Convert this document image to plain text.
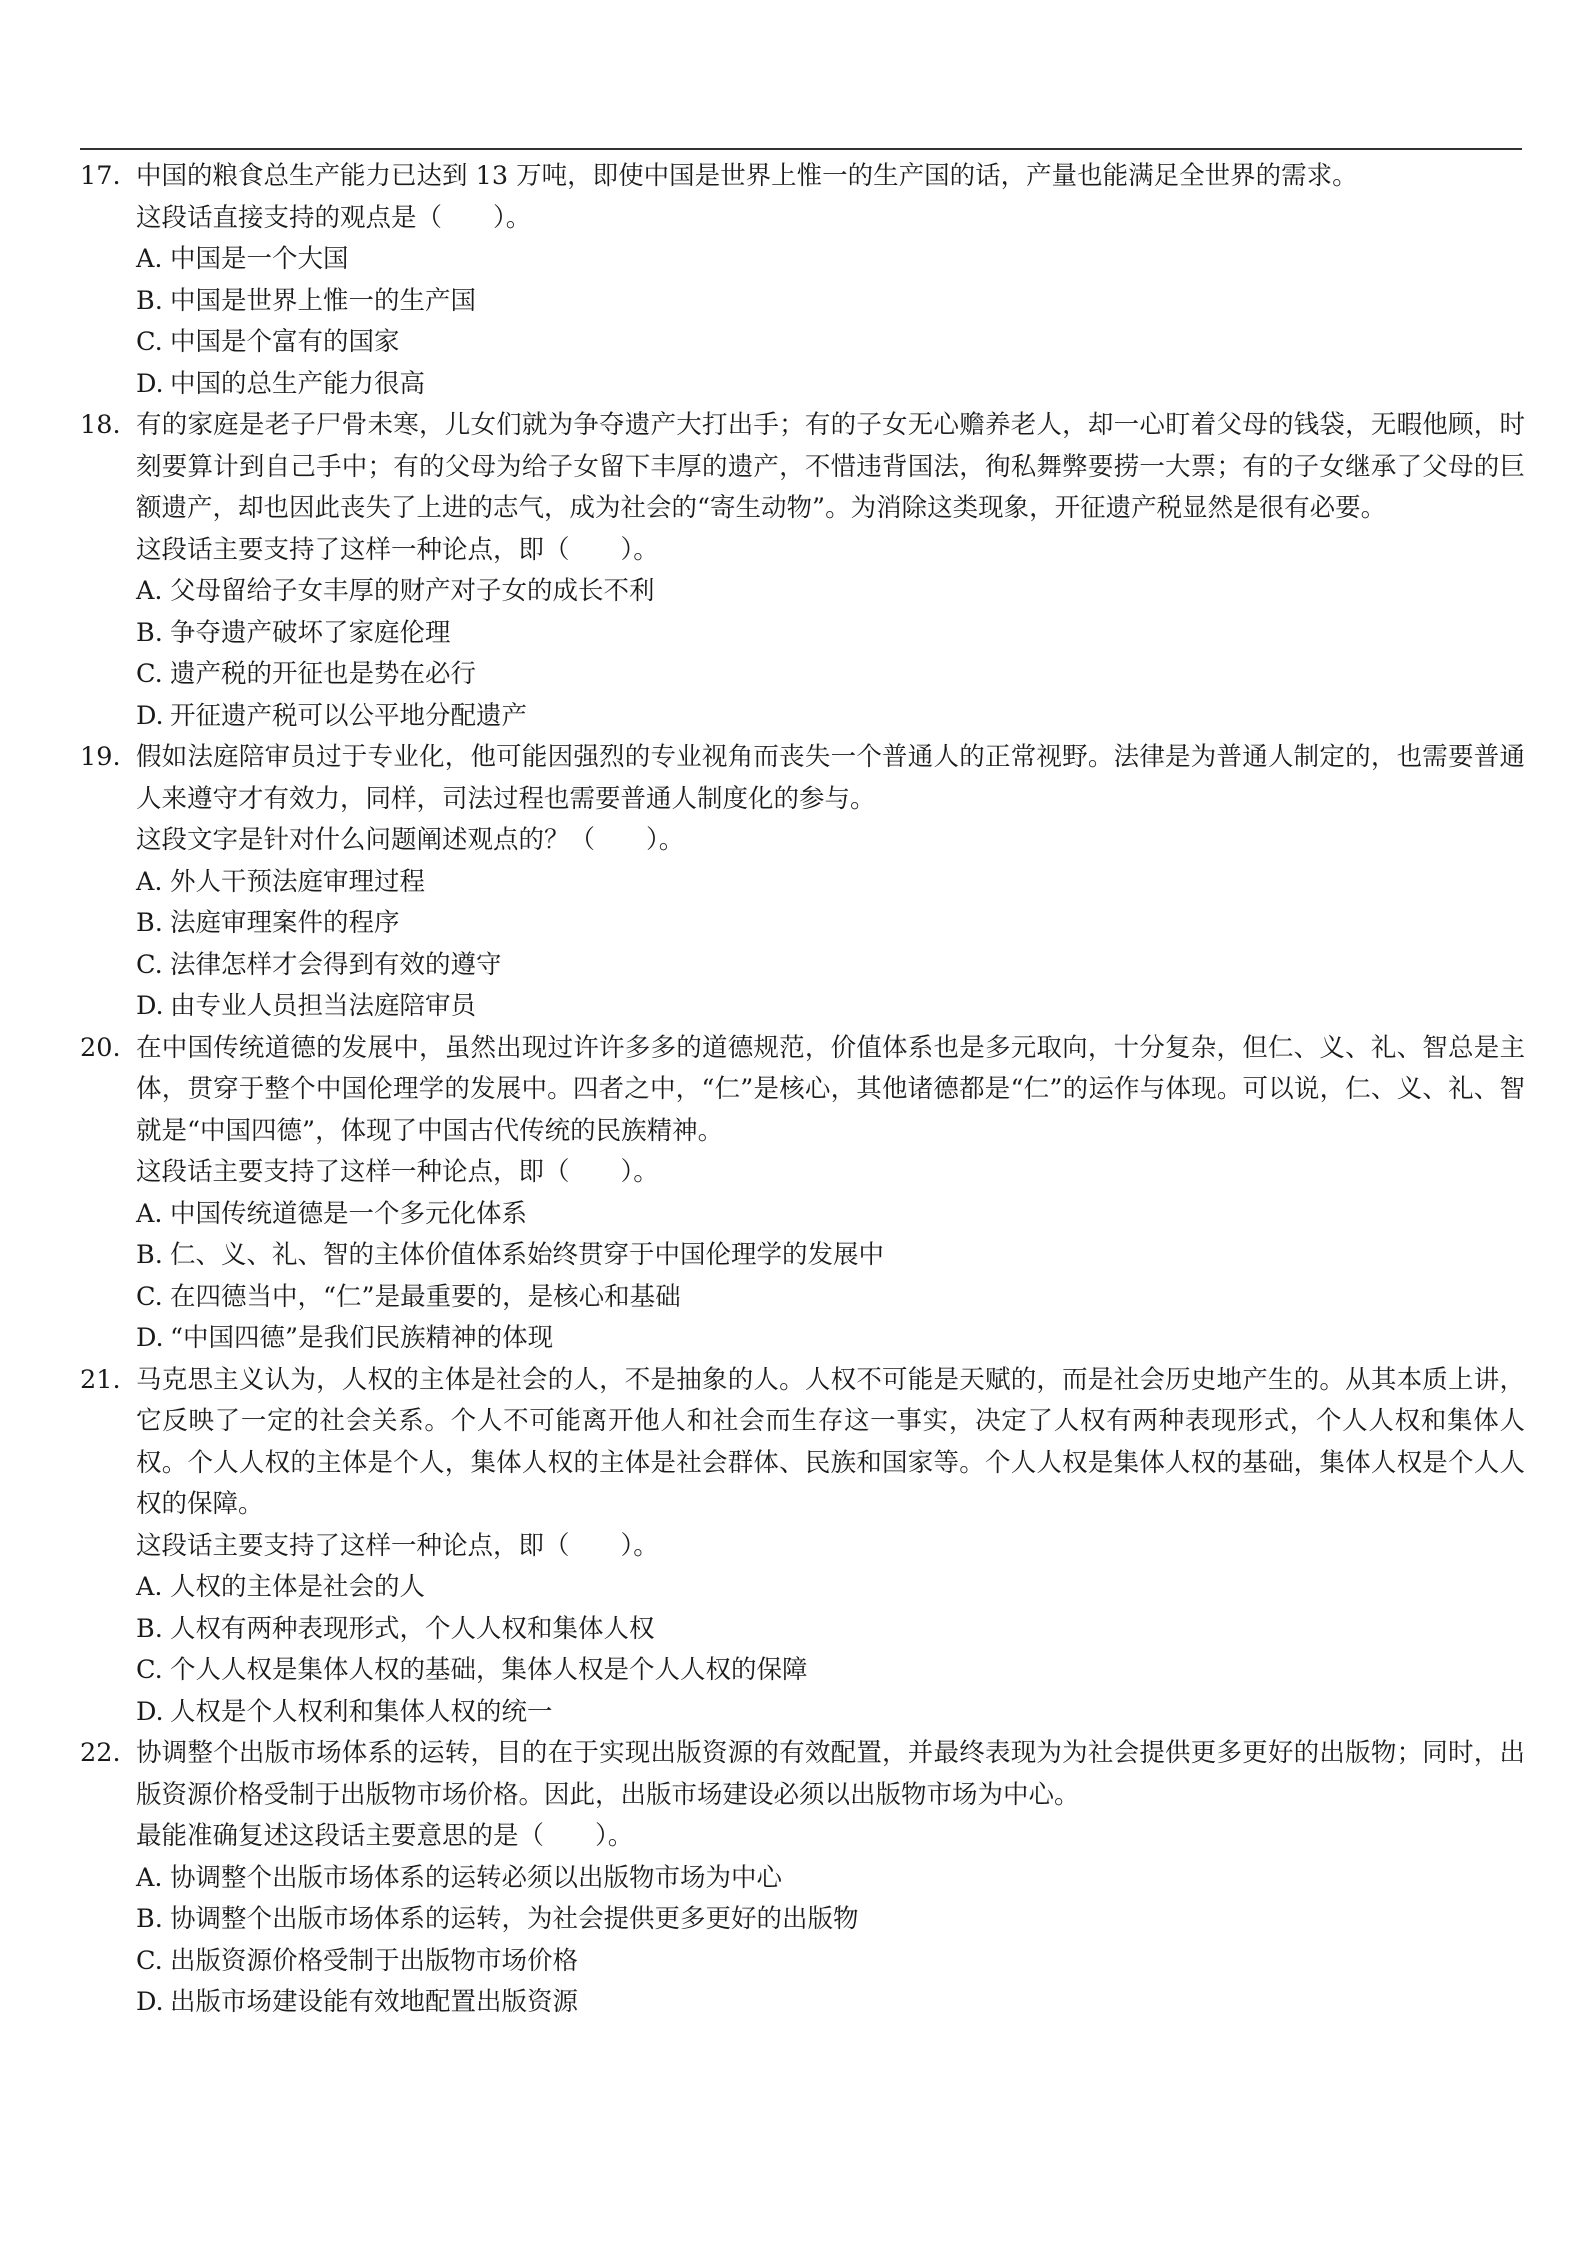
17. 中国的粮食总生产能力已达到 13 万吨，即使中国是世界上惟一的生产国的话，产量也能满足全世界的需求。
这段话直接支持的观点是（　　）。
A. 中国是一个大国
B. 中国是世界上惟一的生产国
C. 中国是个富有的国家
D. 中国的总生产能力很高
18. 有的家庭是老子尸骨未寒，儿女们就为争夺遗产大打出手；有的子女无心赡养老人，却一心盯着父母的钱袋，无暇他顾，时刻要算计到自己手中；有的父母为给子女留下丰厚的遗产，不惜违背国法，徇私舞弊要捞一大票；有的子女继承了父母的巨额遗产，却也因此丧失了上进的志气，成为社会的“寄生动物”。为消除这类现象，开征遗产税显然是很有必要。
这段话主要支持了这样一种论点，即（　　）。
A. 父母留给子女丰厚的财产对子女的成长不利
B. 争夺遗产破坏了家庭伦理
C. 遗产税的开征也是势在必行
D. 开征遗产税可以公平地分配遗产
19. 假如法庭陪审员过于专业化，他可能因强烈的专业视角而丧失一个普通人的正常视野。法律是为普通人制定的，也需要普通人来遵守才有效力，同样，司法过程也需要普通人制度化的参与。
这段文字是针对什么问题阐述观点的？（　　）。
A. 外人干预法庭审理过程
B. 法庭审理案件的程序
C. 法律怎样才会得到有效的遵守
D. 由专业人员担当法庭陪审员
20. 在中国传统道德的发展中，虽然出现过许许多多的道德规范，价值体系也是多元取向，十分复杂，但仁、义、礼、智总是主体，贯穿于整个中国伦理学的发展中。四者之中，“仁”是核心，其他诸德都是“仁”的运作与体现。可以说，仁、义、礼、智就是“中国四德”，体现了中国古代传统的民族精神。
这段话主要支持了这样一种论点，即（　　）。
A. 中国传统道德是一个多元化体系
B. 仁、义、礼、智的主体价值体系始终贯穿于中国伦理学的发展中
C. 在四德当中，“仁”是最重要的，是核心和基础
D. “中国四德”是我们民族精神的体现
21. 马克思主义认为，人权的主体是社会的人，不是抽象的人。人权不可能是天赋的，而是社会历史地产生的。从其本质上讲，它反映了一定的社会关系。个人不可能离开他人和社会而生存这一事实，决定了人权有两种表现形式，个人人权和集体人权。个人人权的主体是个人，集体人权的主体是社会群体、民族和国家等。个人人权是集体人权的基础，集体人权是个人人权的保障。
这段话主要支持了这样一种论点，即（　　）。
A. 人权的主体是社会的人
B. 人权有两种表现形式，个人人权和集体人权
C. 个人人权是集体人权的基础，集体人权是个人人权的保障
D. 人权是个人权利和集体人权的统一
22. 协调整个出版市场体系的运转，目的在于实现出版资源的有效配置，并最终表现为为社会提供更多更好的出版物；同时，出版资源价格受制于出版物市场价格。因此，出版市场建设必须以出版物市场为中心。
最能准确复述这段话主要意思的是（　　）。
A. 协调整个出版市场体系的运转必须以出版物市场为中心
B. 协调整个出版市场体系的运转，为社会提供更多更好的出版物
C. 出版资源价格受制于出版物市场价格
D. 出版市场建设能有效地配置出版资源
